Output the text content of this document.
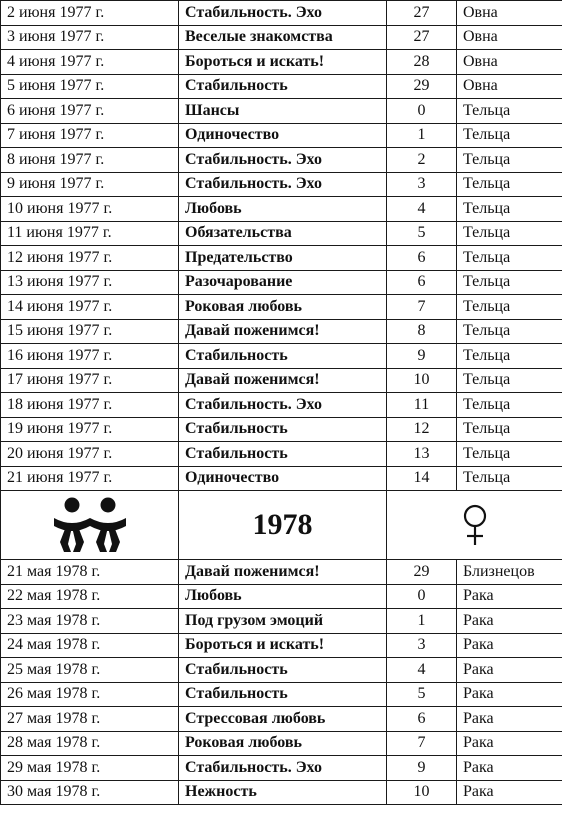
2 июня 1977 г.	Стабильность. Эхо	27	Овна
3 июня 1977 г.	Веселые знакомства	27	Овна
4 июня 1977 г.	Бороться и искать!	28	Овна
5 июня 1977 г.	Стабильность	29	Овна
6 июня 1977 г.	Шансы	0	Тельца
7 июня 1977 г.	Одиночество	1	Тельца
8 июня 1977 г.	Стабильность. Эхо	2	Тельца
9 июня 1977 г.	Стабильность. Эхо	3	Тельца
10 июня 1977 г.	Любовь	4	Тельца
11 июня 1977 г.	Обязательства	5	Тельца
12 июня 1977 г.	Предательство	6	Тельца
13 июня 1977 г.	Разочарование	6	Тельца
14 июня 1977 г.	Роковая любовь	7	Тельца
15 июня 1977 г.	Давай поженимся!	8	Тельца
16 июня 1977 г.	Стабильность	9	Тельца
17 июня 1977 г.	Давай поженимся!	10	Тельца
18 июня 1977 г.	Стабильность. Эхо	11	Тельца
19 июня 1977 г.	Стабильность	12	Тельца
20 июня 1977 г.	Стабильность	13	Тельца
21 июня 1977 г.	Одиночество	14	Тельца

1978

21 мая 1978 г.	Давай поженимся!	29	Близнецов
22 мая 1978 г.	Любовь	0	Рака
23 мая 1978 г.	Под грузом эмоций	1	Рака
24 мая 1978 г.	Бороться и искать!	3	Рака
25 мая 1978 г.	Стабильность	4	Рака
26 мая 1978 г.	Стабильность	5	Рака
27 мая 1978 г.	Стрессовая любовь	6	Рака
28 мая 1978 г.	Роковая любовь	7	Рака
29 мая 1978 г.	Стабильность. Эхо	9	Рака
30 мая 1978 г.	Нежность	10	Рака
